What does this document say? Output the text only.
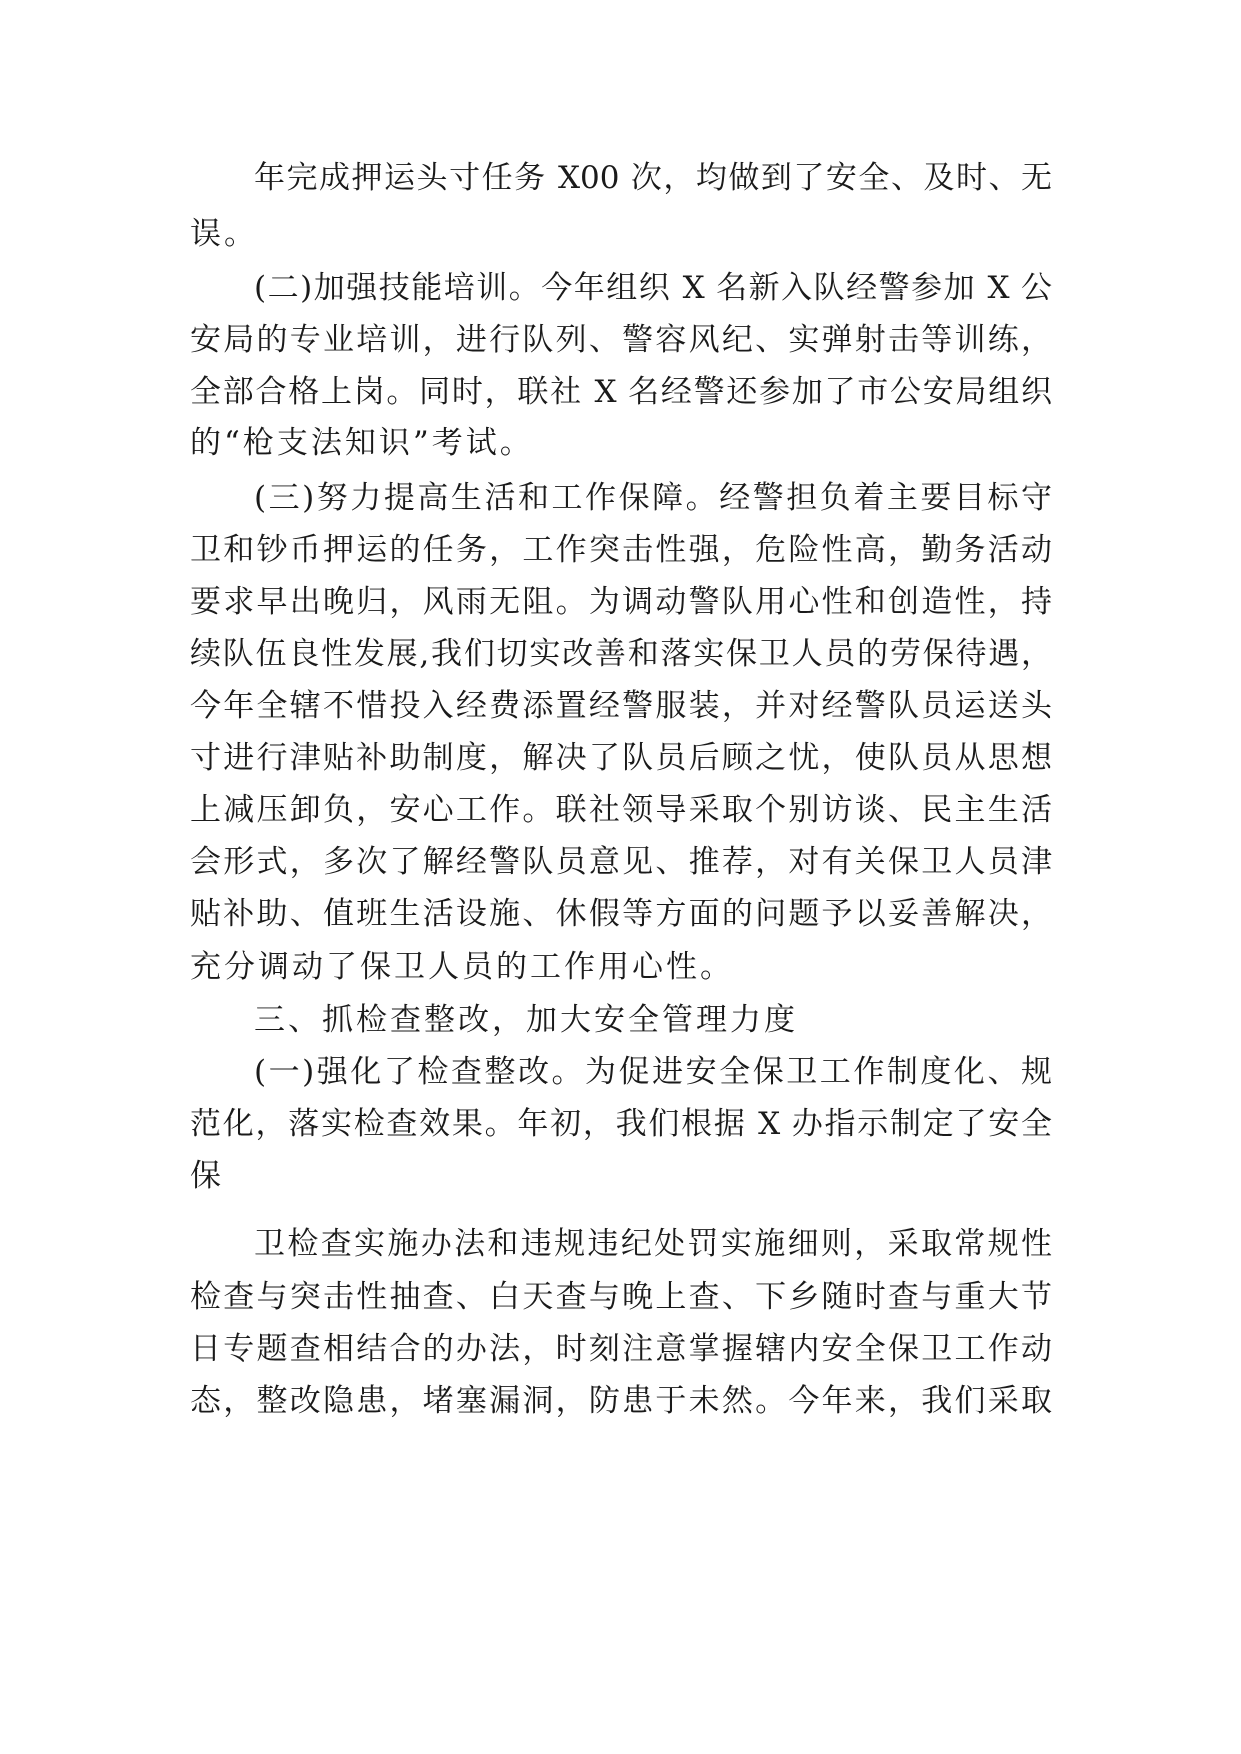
年完成押运头寸任务 X00 次，均做到了安全、及时、无
误。
(二)加强技能培训。今年组织 X 名新入队经警参加 X 公
安局的专业培训，进行队列、警容风纪、实弹射击等训练，
全部合格上岗。同时，联社 X 名经警还参加了市公安局组织
的“枪支法知识”考试。
(三)努力提高生活和工作保障。经警担负着主要目标守
卫和钞币押运的任务，工作突击性强，危险性高，勤务活动
要求早出晚归，风雨无阻。为调动警队用心性和创造性，持
续队伍良性发展,我们切实改善和落实保卫人员的劳保待遇，
今年全辖不惜投入经费添置经警服装，并对经警队员运送头
寸进行津贴补助制度，解决了队员后顾之忧，使队员从思想
上减压卸负，安心工作。联社领导采取个别访谈、民主生活
会形式，多次了解经警队员意见、推荐，对有关保卫人员津
贴补助、值班生活设施、休假等方面的问题予以妥善解决，
充分调动了保卫人员的工作用心性。
三、抓检查整改，加大安全管理力度
(一)强化了检查整改。为促进安全保卫工作制度化、规
范化，落实检查效果。年初，我们根据 X 办指示制定了安全
保
卫检查实施办法和违规违纪处罚实施细则，采取常规性
检查与突击性抽查、白天查与晚上查、下乡随时查与重大节
日专题查相结合的办法，时刻注意掌握辖内安全保卫工作动
态，整改隐患，堵塞漏洞，防患于未然。今年来，我们采取
